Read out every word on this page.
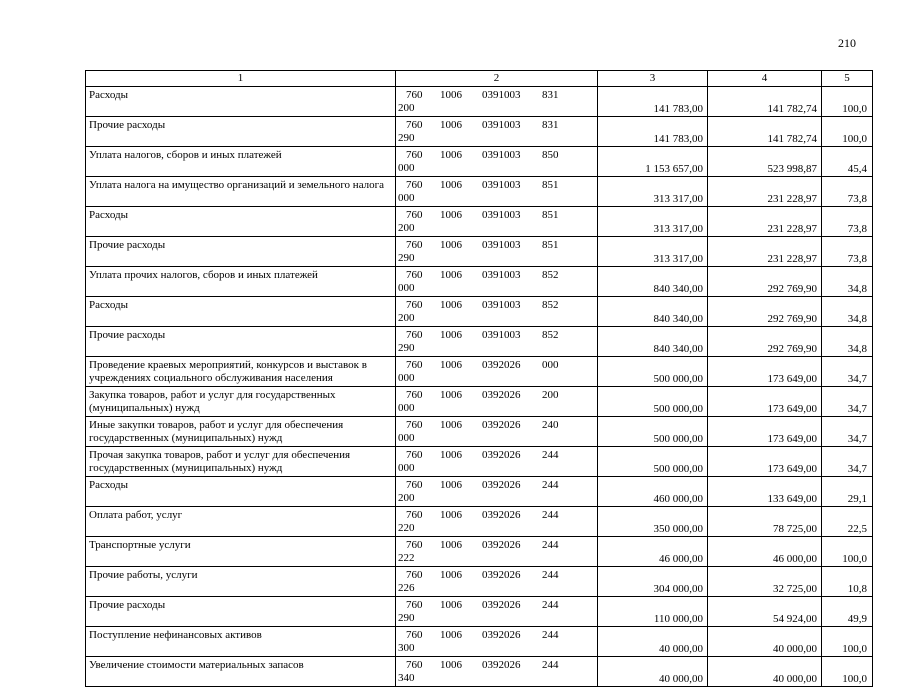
210
1	2	3	4	5
Расходы	760 1006 0391003 831200	141 783,00	141 782,74	100,0
Прочие расходы	760 1006 0391003 831290	141 783,00	141 782,74	100,0
Уплата налогов, сборов и иных платежей	760 1006 0391003 850000	1 153 657,00	523 998,87	45,4
Уплата налога на имущество организаций и земельного налога	760 1006 0391003 851000	313 317,00	231 228,97	73,8
Расходы	760 1006 0391003 851200	313 317,00	231 228,97	73,8
Прочие расходы	760 1006 0391003 851290	313 317,00	231 228,97	73,8
Уплата прочих налогов, сборов и иных платежей	760 1006 0391003 852000	840 340,00	292 769,90	34,8
Расходы	760 1006 0391003 852200	840 340,00	292 769,90	34,8
Прочие расходы	760 1006 0391003 852290	840 340,00	292 769,90	34,8
Проведение краевых мероприятий, конкурсов и выставок в учреждениях социального обслуживания населения	760 1006 0392026 000000	500 000,00	173 649,00	34,7
Закупка товаров, работ и услуг для государственных (муниципальных) нужд	760 1006 0392026 200000	500 000,00	173 649,00	34,7
Иные закупки товаров, работ и услуг для обеспечения государственных (муниципальных) нужд	760 1006 0392026 240000	500 000,00	173 649,00	34,7
Прочая закупка товаров, работ и услуг для обеспечения государственных (муниципальных) нужд	760 1006 0392026 244000	500 000,00	173 649,00	34,7
Расходы	760 1006 0392026 244200	460 000,00	133 649,00	29,1
Оплата работ, услуг	760 1006 0392026 244220	350 000,00	78 725,00	22,5
Транспортные услуги	760 1006 0392026 244222	46 000,00	46 000,00	100,0
Прочие работы, услуги	760 1006 0392026 244226	304 000,00	32 725,00	10,8
Прочие расходы	760 1006 0392026 244290	110 000,00	54 924,00	49,9
Поступление нефинансовых активов	760 1006 0392026 244300	40 000,00	40 000,00	100,0
Увеличение стоимости материальных запасов	760 1006 0392026 244340	40 000,00	40 000,00	100,0
